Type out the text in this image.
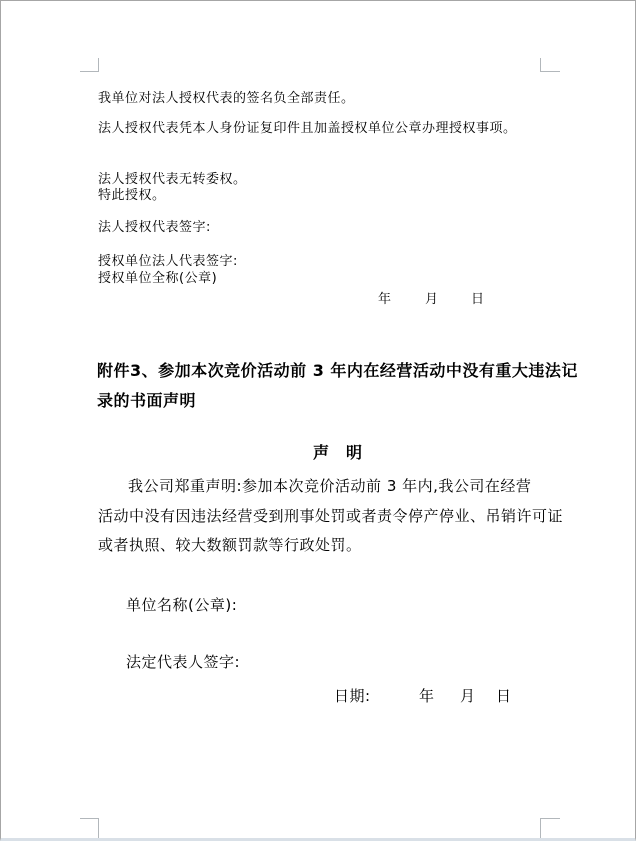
我单位对法人授权代表的签名负全部责任。
法人授权代表凭本人身份证复印件且加盖授权单位公章办理授权事项。
法人授权代表无转委权。
特此授权。
法人授权代表签字:
授权单位法人代表签字:
授权单位全称(公章)
年	月 日
附件3、参加本次竞价活动前 3 年内在经营活动中没有重大违法记
录的书面声明
声　明
我公司郑重声明:参加本次竞价活动前 3 年内,我公司在经营
活动中没有因违法经营受到刑事处罚或者责令停产停业、吊销许可证
或者执照、较大数额罚款等行政处罚。
单位名称(公章):
法定代表人签字:
日期:	年 月 日
